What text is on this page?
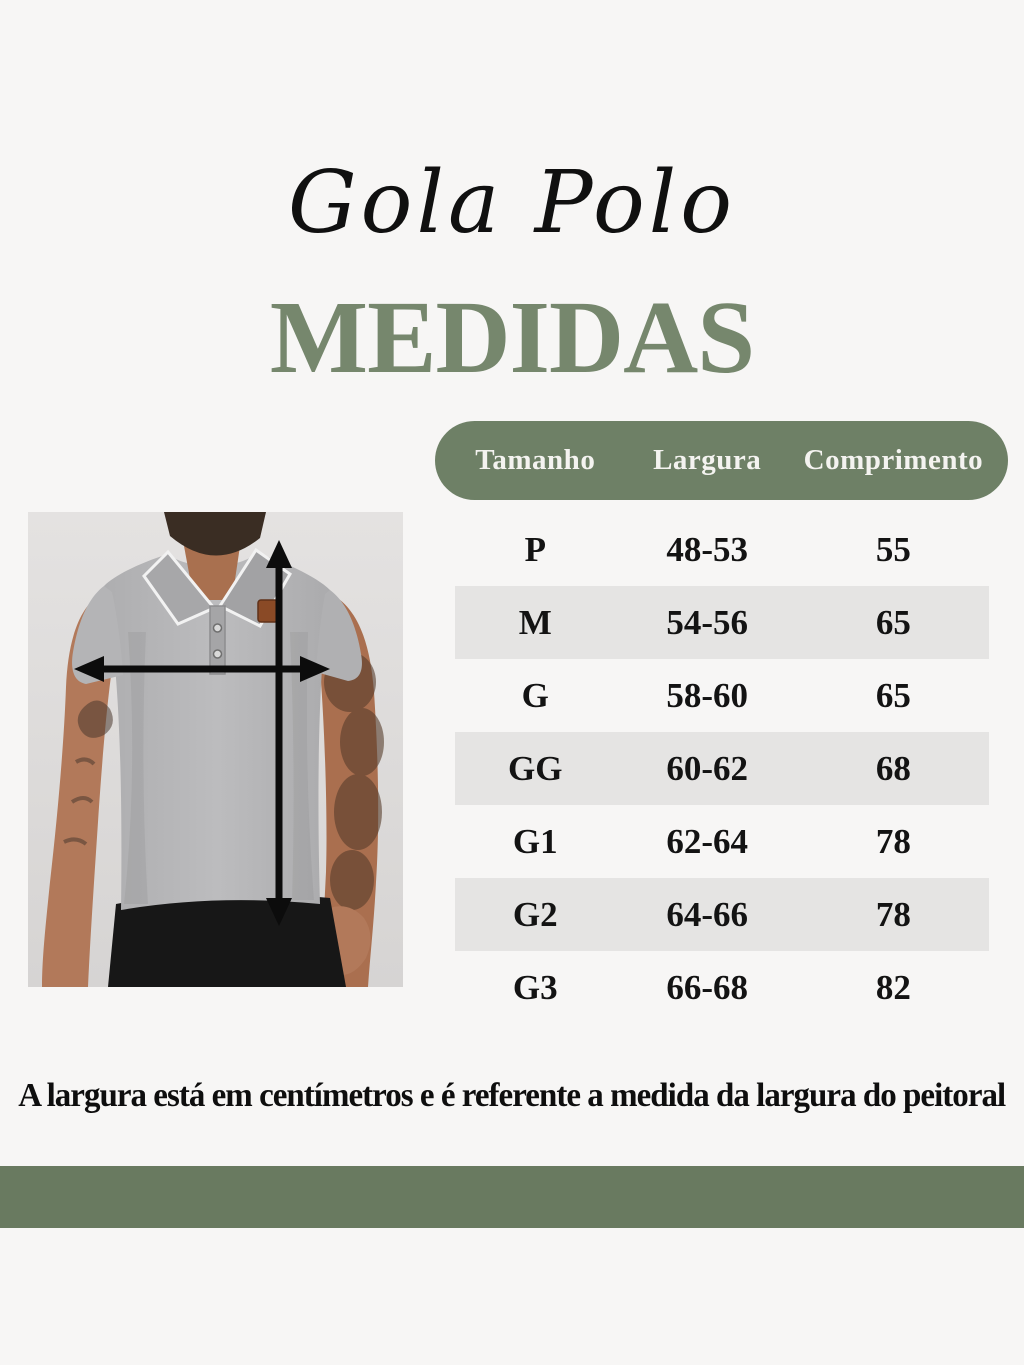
Gola Polo
MEDIDAS
Tamanho	Largura	Comprimento
P	48-53	55
M	54-56	65
G	58-60	65
GG	60-62	68
G1	62-64	78
G2	64-66	78
G3	66-68	82
A largura está em centímetros e é referente a medida da largura do peitoral
